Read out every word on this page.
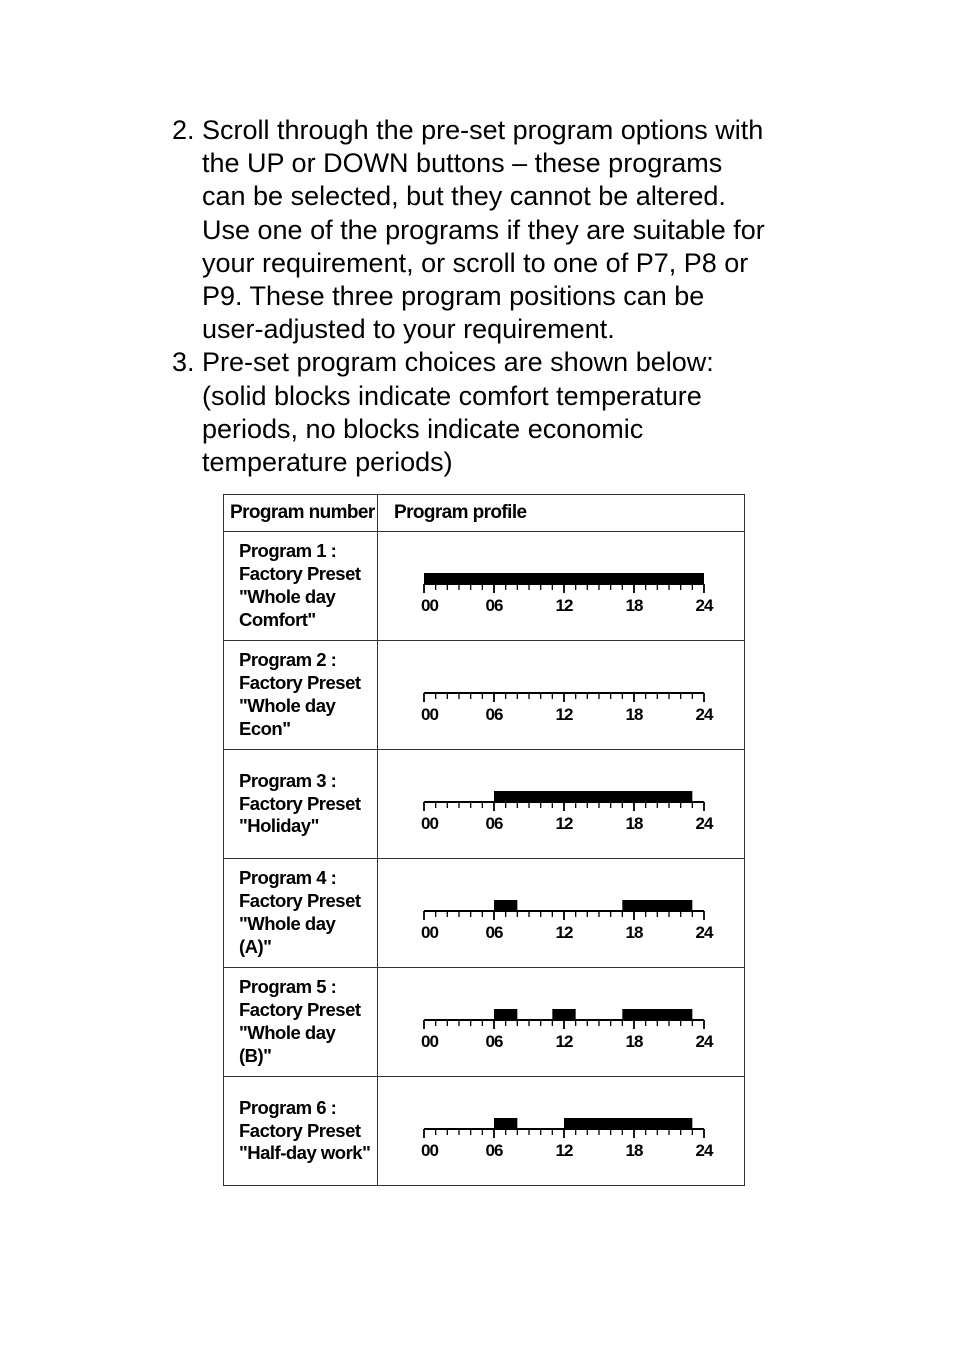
2. Scroll through the pre-set program options with

the UP or DOWN buttons – these programs

can be selected, but they cannot be altered.

Use one of the programs if they are suitable for

your requirement, or scroll to one of P7, P8 or

P9. These three program positions can be

user-adjusted to your requirement.

3. Pre-set program choices are shown below:

(solid blocks indicate comfort temperature

periods, no blocks indicate economic

temperature periods)

Program number	Program profile

Program 1 :
Factory Preset
"Whole day
Comfort"	00 06 12 18 24

Program 2 :
Factory Preset
"Whole day
Econ"	00 06 12 18 24

Program 3 :
Factory Preset
"Holiday"	00 06 12 18 24

Program 4 :
Factory Preset
"Whole day
(A)"	00 06 12 18 24

Program 5 :
Factory Preset
"Whole day
(B)"	00 06 12 18 24

Program 6 :
Factory Preset
"Half-day work"	00 06 12 18 24
